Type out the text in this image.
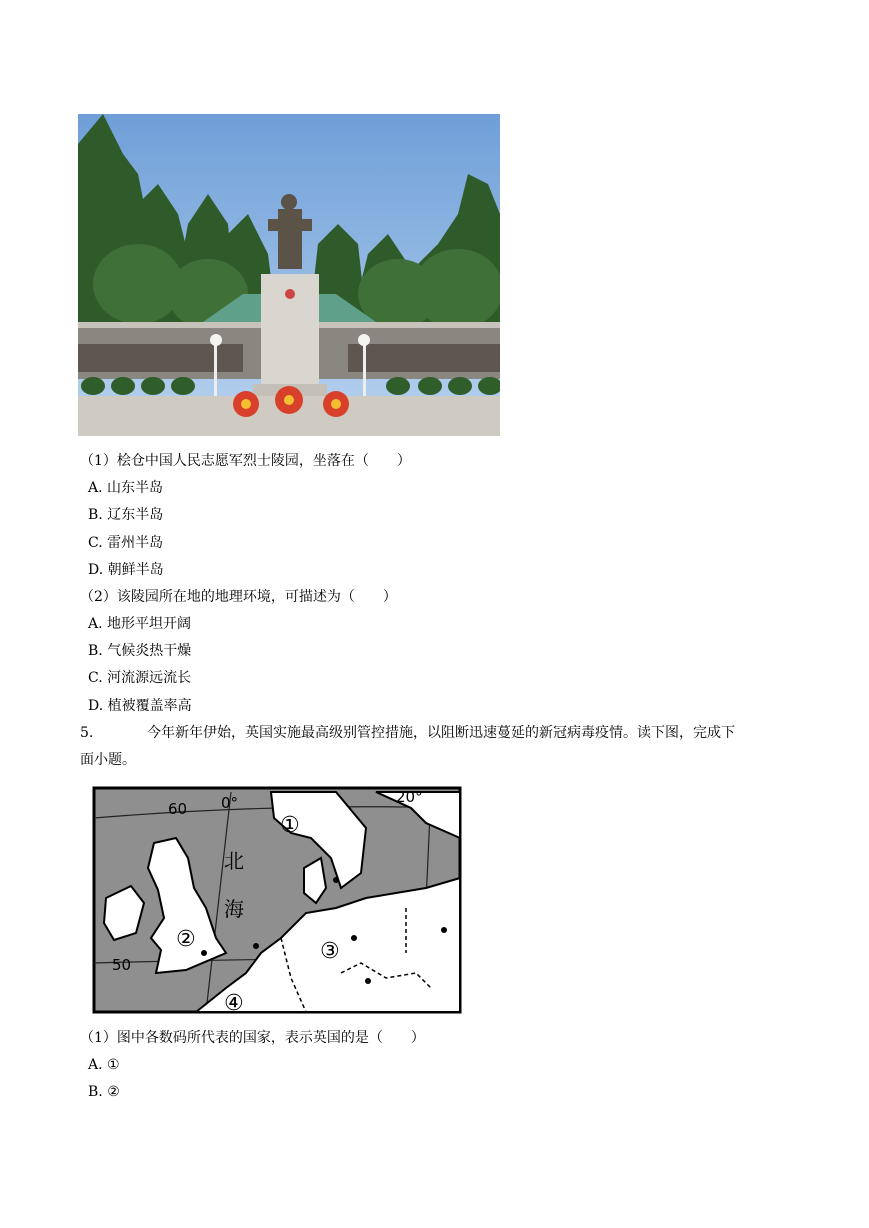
（1）桧仓中国人民志愿军烈士陵园，坐落在（　　）
A. 山东半岛
B. 辽东半岛
C. 雷州半岛
D. 朝鲜半岛
（2）该陵园所在地的地理环境，可描述为（　　）
A. 地形平坦开阔
B. 气候炎热干燥
C. 河流源远流长
D. 植被覆盖率高
5.	今年新年伊始，英国实施最高级别管控措施，以阻断迅速蔓延的新冠病毒疫情。读下图，完成下
面小题。
60
50
0°	20°
北
海
①
②	③
④
（1）图中各数码所代表的国家，表示英国的是（　　）
A. ①
B. ②
